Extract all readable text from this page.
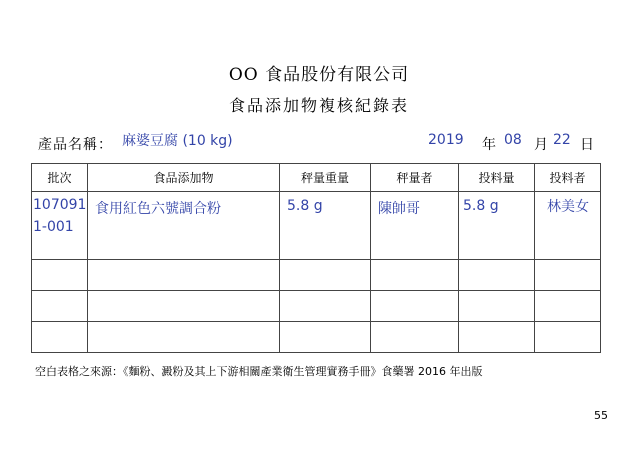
OO 食品股份有限公司
食品添加物複核紀錄表
產品名稱： 麻婆豆腐 (10 kg)	2019 年 08 月 22 日
批次	食品添加物	秤量重量	秤量者	投料量	投料者
1070911-001	食用紅色六號調合粉	5.8 g	陳帥哥	5.8 g	林美女

空白表格之來源：《麵粉、澱粉及其上下游相關產業衛生管理實務手冊》食藥署 2016 年出版
55
